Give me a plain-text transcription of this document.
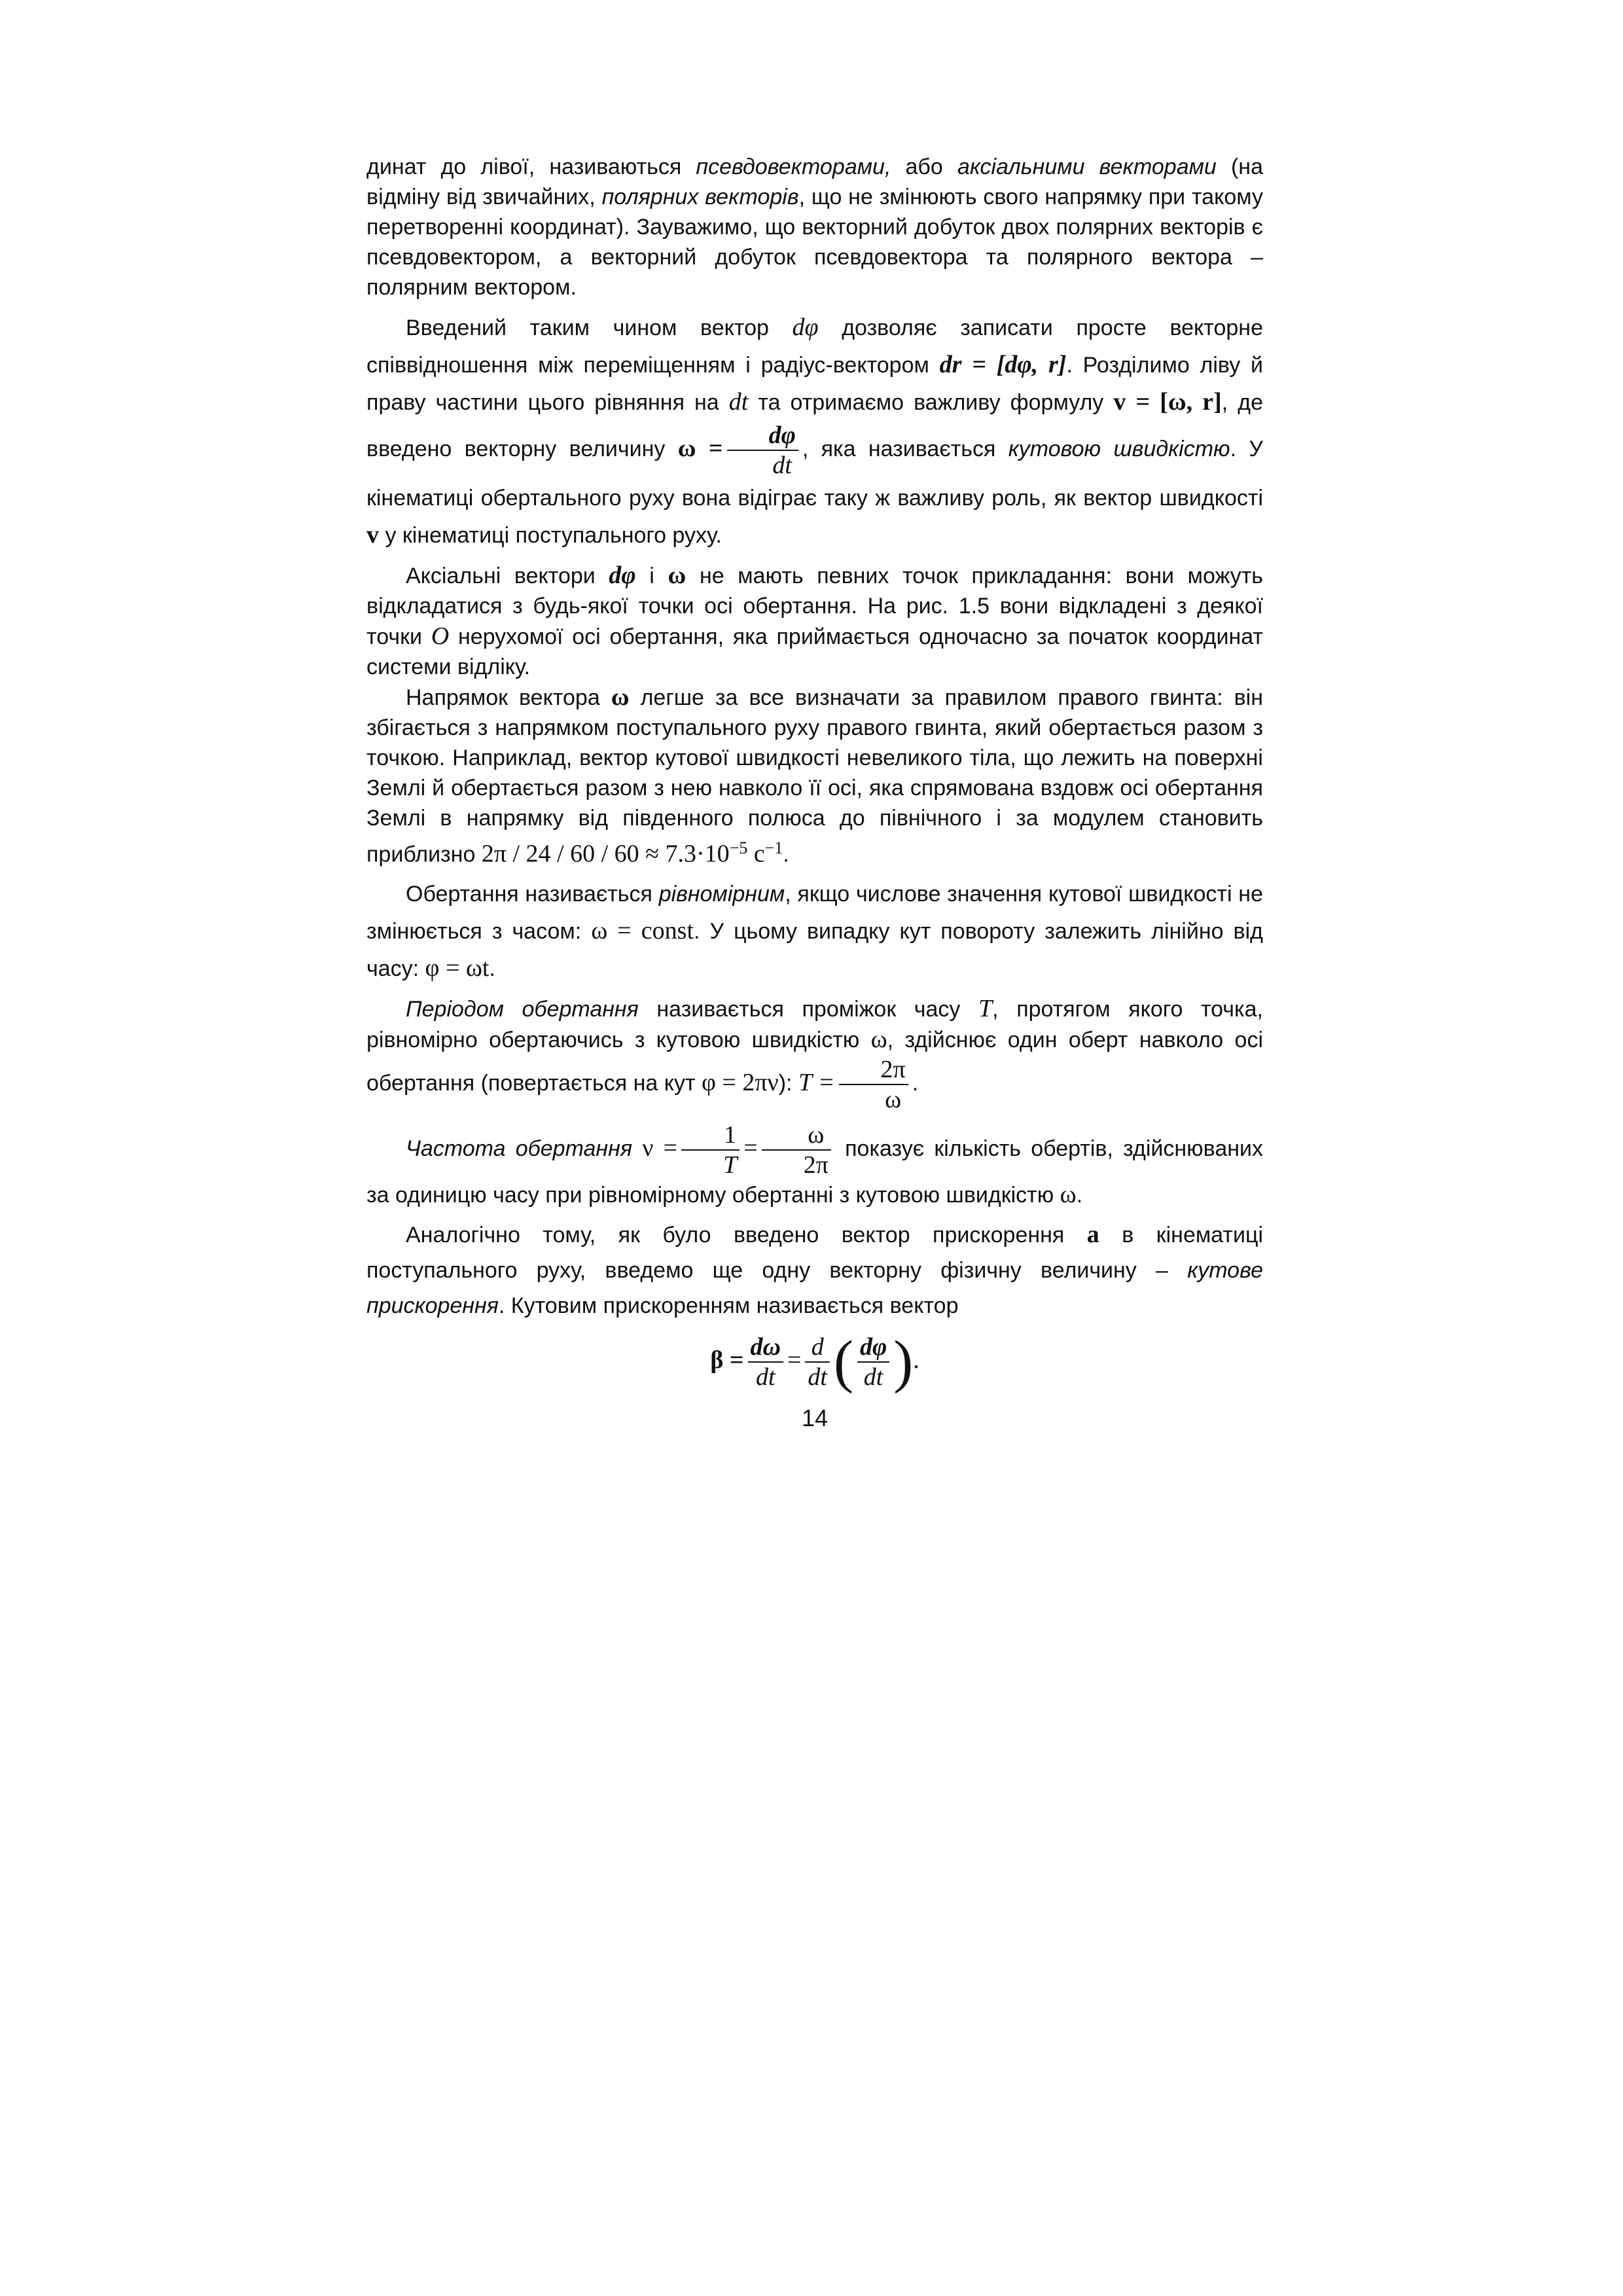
динат до лівої, називаються псевдовекторами, або аксіальними векторами (на відміну від звичайних, полярних векторів, що не змінюють свого напрямку при такому перетворенні координат). Зауважимо, що векторний добуток двох полярних векторів є псевдовектором, а векторний добуток псевдовектора та полярного вектора – полярним вектором.

Введений таким чином вектор dφ дозволяє записати просте векторне співвідношення між переміщенням і радіус-вектором dr = [dφ, r]. Розділимо ліву й праву частини цього рівняння на dt та отримаємо важливу формулу v = [ω, r], де введено векторну величину $\omega = \frac{d\varphi}{dt}$ , яка називається кутовою швидкістю. У кінематиці обертального руху вона відіграє таку ж важливу роль, як вектор швидкості v у кінематиці поступального руху.

Аксіальні вектори dφ і ω не мають певних точок прикладання: вони можуть відкладатися з будь-якої точки осі обертання. На рис. 1.5 вони відкладені з деякої точки O нерухомої осі обертання, яка приймається одночасно за початок координат системи відліку.

Напрямок вектора ω легше за все визначати за правилом правого гвинта: він збігається з напрямком поступального руху правого гвинта, який обертається разом з точкою. Наприклад, вектор кутової швидкості невеликого тіла, що лежить на поверхні Землі й обертається разом з нею навколо її осі, яка спрямована вздовж осі обертання Землі в напрямку від південного полюса до північного і за модулем становить приблизно $2\pi / 24 / 60 / 60 \approx 7.3\cdot 10^{-5}$ $с^{-1}$.

Обертання називається рівномірним, якщо числове значення кутової швидкості не змінюється з часом: ω = const. У цьому випадку кут повороту залежить лінійно від часу: φ = ωt.

Періодом обертання називається проміжок часу T, протягом якого точка, рівномірно обертаючись з кутовою швидкістю ω, здійснює один оберт навколо осі обертання (повертається на кут φ = 2πν): $T = \frac{2\pi}{\omega}$ .

Частота обертання $\nu = \frac{1}{T} = \frac{\omega}{2\pi}$ показує кількість обертів, здійснюваних за одиницю часу при рівномірному обертанні з кутовою швидкістю ω.

Аналогічно тому, як було введено вектор прискорення a в кінематиці поступального руху, введемо ще одну векторну фізичну величину – кутове прискорення. Кутовим прискоренням називається вектор

$\beta = \frac{d\omega}{dt} = \frac{d}{dt}$ ( $\frac{d\varphi}{dt}$ ).
14
